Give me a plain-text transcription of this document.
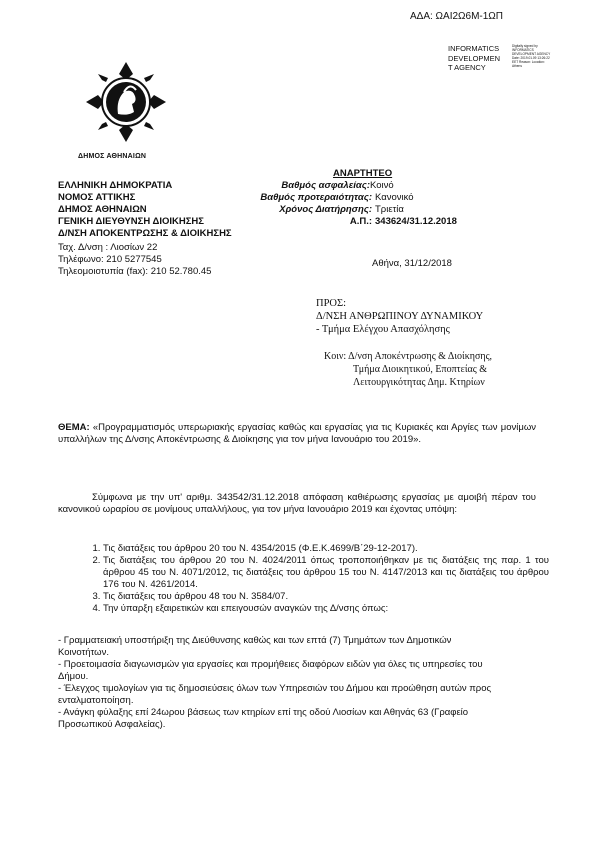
ΑΔΑ: ΩΑΙ2Ω6Μ-1ΩΠ
ΔΗΜΟΣ ΑΘΗΝΑΙΩΝ
INFORMATICS
DEVELOPMEN
T AGENCY
Digitally signed by INFORMATICS DEVELOPMENT AGENCY Date: 2019.01.09 13:26:22 EET Reason: Location: Athens
ΕΛΛΗΝΙΚΗ ΔΗΜΟΚΡΑΤΙΑ
ΝΟΜΟΣ ΑΤΤΙΚΗΣ
ΔΗΜΟΣ ΑΘΗΝΑΙΩΝ
ΓΕΝΙΚΗ ΔΙΕΥΘΥΝΣΗ ΔΙΟΙΚΗΣΗΣ
Δ/ΝΣΗ ΑΠΟΚΕΝΤΡΩΣΗΣ & ΔΙΟΙΚΗΣΗΣ
Ταχ. Δ/νση : Λιοσίων 22
Τηλέφωνο: 210 5277545
Τηλεομοιοτυπία (fax): 210 52.780.45
ΑΝΑΡΤΗΤΕΟ
Βαθμός ασφαλείας: Κοινό
Βαθμός προτεραιότητας: Κανονικό
Χρόνος Διατήρησης: Τριετία
Α.Π.: 343624/31.12.2018
Αθήνα, 31/12/2018
ΠΡΟΣ:
Δ/ΝΣΗ ΑΝΘΡΩΠΙΝΟΥ ΔΥΝΑΜΙΚΟΥ
- Τμήμα Ελέγχου Απασχόλησης
Κοιν: Δ/νση Αποκέντρωσης & Διοίκησης,
Τμήμα Διοικητικού, Εποπτείας &
Λειτουργικότητας Δημ. Κτηρίων
ΘΕΜΑ: «Προγραμματισμός υπερωριακής εργασίας καθώς και εργασίας για τις Κυριακές και Αργίες των μονίμων υπαλλήλων της Δ/νσης Αποκέντρωσης & Διοίκησης για τον μήνα Ιανουάριο του 2019».
Σύμφωνα με την υπ' αριθμ. 343542/31.12.2018 απόφαση καθιέρωσης εργασίας με αμοιβή πέραν του κανονικού ωραρίου σε μονίμους υπαλλήλους, για τον μήνα Ιανουάριο 2019 και έχοντας υπόψη:
1. Τις διατάξεις του άρθρου 20 του Ν. 4354/2015 (Φ.Ε.Κ.4699/Β΄29-12-2017).
2. Τις διατάξεις του άρθρου 20 του Ν. 4024/2011 όπως τροποποιήθηκαν με τις διατάξεις της παρ. 1 του άρθρου 45 του Ν. 4071/2012, τις διατάξεις του άρθρου 15 του Ν. 4147/2013 και τις διατάξεις του άρθρου 176 του Ν. 4261/2014.
3. Τις διατάξεις του άρθρου 48 του Ν. 3584/07.
4. Την ύπαρξη εξαιρετικών και επειγουσών αναγκών της Δ/νσης όπως:
- Γραμματειακή υποστήριξη της Διεύθυνσης καθώς και των επτά (7) Τμημάτων των Δημοτικών Κοινοτήτων.
- Προετοιμασία διαγωνισμών για εργασίες και προμήθειες διαφόρων ειδών για όλες τις υπηρεσίες του Δήμου.
- Έλεγχος τιμολογίων για τις δημοσιεύσεις όλων των Υπηρεσιών του Δήμου και προώθηση αυτών προς ενταλματοποίηση.
- Ανάγκη φύλαξης επί 24ωρου βάσεως των κτηρίων επί της οδού Λιοσίων και Αθηνάς 63 (Γραφείο Προσωπικού Ασφαλείας).
